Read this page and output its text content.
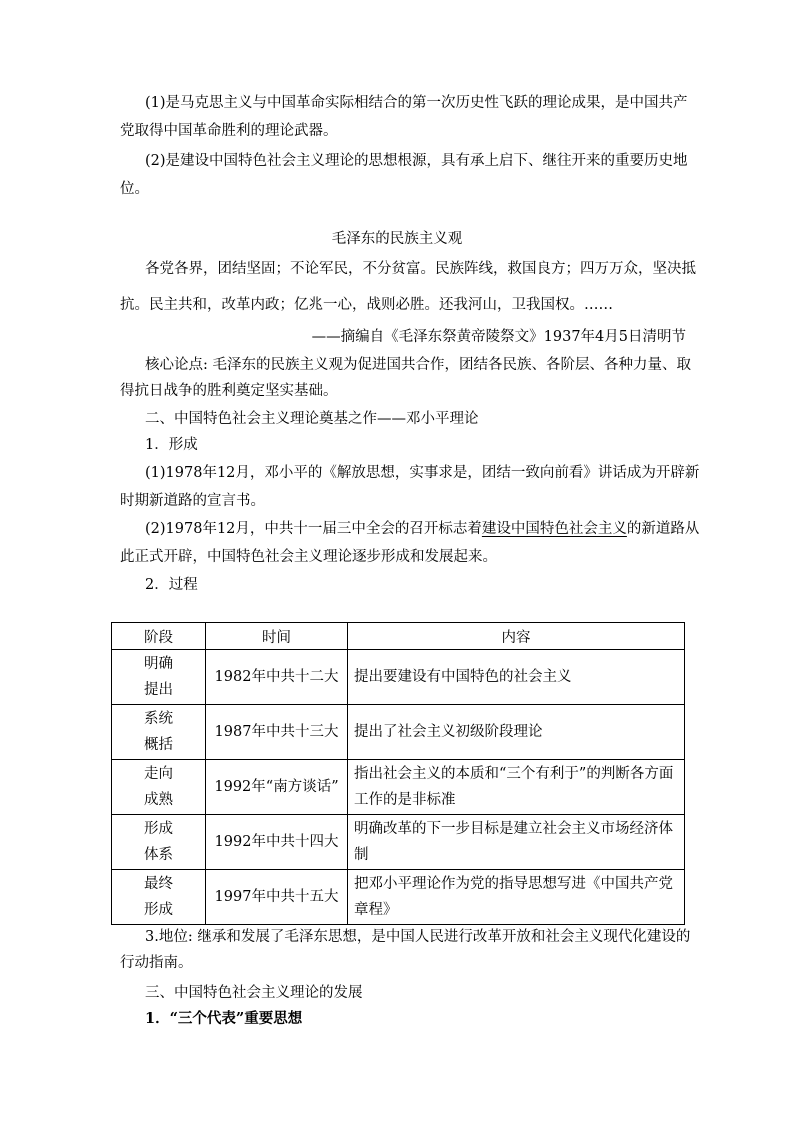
(1)是马克思主义与中国革命实际相结合的第一次历史性飞跃的理论成果，是中国共产
党取得中国革命胜利的理论武器。
(2)是建设中国特色社会主义理论的思想根源，具有承上启下、继往开来的重要历史地
位。
毛泽东的民族主义观
各党各界，团结坚固；不论军民，不分贫富。民族阵线，救国良方；四万万众，坚决抵
抗。民主共和，改革内政；亿兆一心，战则必胜。还我河山，卫我国权。……
——摘编自《毛泽东祭黄帝陵祭文》1937年4月5日清明节
核心论点: 毛泽东的民族主义观为促进国共合作，团结各民族、各阶层、各种力量、取
得抗日战争的胜利奠定坚实基础。
二、中国特色社会主义理论奠基之作——邓小平理论
1．形成
(1)1978年12月，邓小平的《解放思想，实事求是，团结一致向前看》讲话成为开辟新
时期新道路的宣言书。
(2)1978年12月，中共十一届三中全会的召开标志着建设中国特色社会主义的新道路从
此正式开辟，中国特色社会主义理论逐步形成和发展起来。
2．过程
阶段	时间	内容

明确
提出	1982年中共十二大	提出要建设有中国特色的社会主义

系统
概括	1987年中共十三大	提出了社会主义初级阶段理论

走向
成熟	1992年“南方谈话”	指出社会主义的本质和“三个有利于”的判断各方面工作的是非标准

形成
体系	1992年中共十四大	明确改革的下一步目标是建立社会主义市场经济体制

最终
形成	1997年中共十五大	把邓小平理论作为党的指导思想写进《中国共产党章程》
3.地位: 继承和发展了毛泽东思想，是中国人民进行改革开放和社会主义现代化建设的
行动指南。
三、中国特色社会主义理论的发展
1．“三个代表”重要思想
